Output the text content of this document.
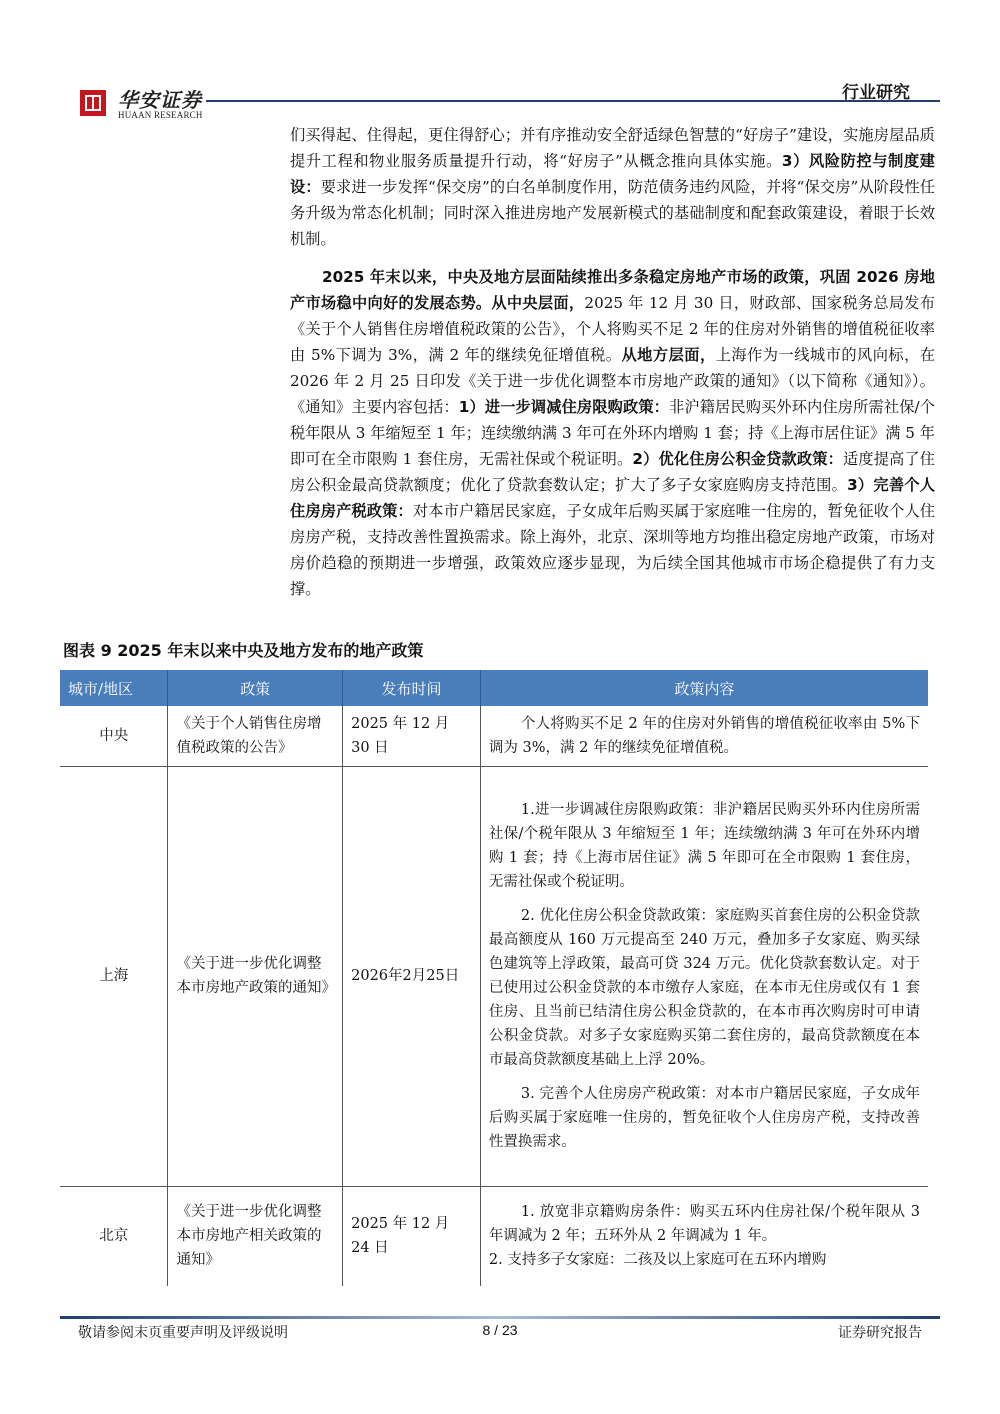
华安证券
HUAAN RESEARCH
行业研究
们买得起、住得起，更住得舒心；并有序推动安全舒适绿色智慧的“好房子”建设，实施房屋品质提升工程和物业服务质量提升行动，将“好房子”从概念推向具体实施。3）风险防控与制度建设：要求进一步发挥“保交房”的白名单制度作用，防范债务违约风险，并将“保交房”从阶段性任务升级为常态化机制；同时深入推进房地产发展新模式的基础制度和配套政策建设，着眼于长效机制。
2025 年末以来，中央及地方层面陆续推出多条稳定房地产市场的政策，巩固 2026 房地产市场稳中向好的发展态势。从中央层面，2025 年 12 月 30 日，财政部、国家税务总局发布《关于个人销售住房增值税政策的公告》，个人将购买不足 2 年的住房对外销售的增值税征收率由 5%下调为 3%，满 2 年的继续免征增值税。从地方层面，上海作为一线城市的风向标，在 2026 年 2 月 25 日印发《关于进一步优化调整本市房地产政策的通知》（以下简称《通知》）。《通知》主要内容包括：1）进一步调减住房限购政策：非沪籍居民购买外环内住房所需社保/个税年限从 3 年缩短至 1 年；连续缴纳满 3 年可在外环内增购 1 套；持《上海市居住证》满 5 年即可在全市限购 1 套住房，无需社保或个税证明。2）优化住房公积金贷款政策：适度提高了住房公积金最高贷款额度；优化了贷款套数认定；扩大了多子女家庭购房支持范围。3）完善个人住房房产税政策：对本市户籍居民家庭，子女成年后购买属于家庭唯一住房的，暂免征收个人住房房产税，支持改善性置换需求。除上海外，北京、深圳等地方均推出稳定房地产政策，市场对房价趋稳的预期进一步增强，政策效应逐步显现，为后续全国其他城市市场企稳提供了有力支撑。
图表 9 2025 年末以来中央及地方发布的地产政策
城市/地区	政策	发布时间	政策内容
中央	《关于个人销售住房增值税政策的公告》	2025 年 12 月 30 日	个人将购买不足 2 年的住房对外销售的增值税征收率由 5%下调为 3%，满 2 年的继续免征增值税。

上海	《关于进一步优化调整本市房地产政策的通知》	2026年2月25日	1.进一步调减住房限购政策：非沪籍居民购买外环内住房所需社保/个税年限从 3 年缩短至 1 年；连续缴纳满 3 年可在外环内增购 1 套；持《上海市居住证》满 5 年即可在全市限购 1 套住房，无需社保或个税证明。

2. 优化住房公积金贷款政策：家庭购买首套住房的公积金贷款最高额度从 160 万元提高至 240 万元，叠加多子女家庭、购买绿色建筑等上浮政策，最高可贷 324 万元。优化贷款套数认定。对于已使用过公积金贷款的本市缴存人家庭，在本市无住房或仅有 1 套住房、且当前已结清住房公积金贷款的，在本市再次购房时可申请公积金贷款。对多子女家庭购买第二套住房的，最高贷款额度在本市最高贷款额度基础上上浮 20%。

3. 完善个人住房房产税政策：对本市户籍居民家庭，子女成年后购买属于家庭唯一住房的，暂免征收个人住房房产税，支持改善性置换需求。

北京	《关于进一步优化调整本市房地产相关政策的通知》	2025 年 12 月 24 日	1. 放宽非京籍购房条件：购买五环内住房社保/个税年限从 3 年调减为 2 年；五环外从 2 年调减为 1 年。
2. 支持多子女家庭：二孩及以上家庭可在五环内增购
敬请参阅末页重要声明及评级说明	8 / 23	证券研究报告
